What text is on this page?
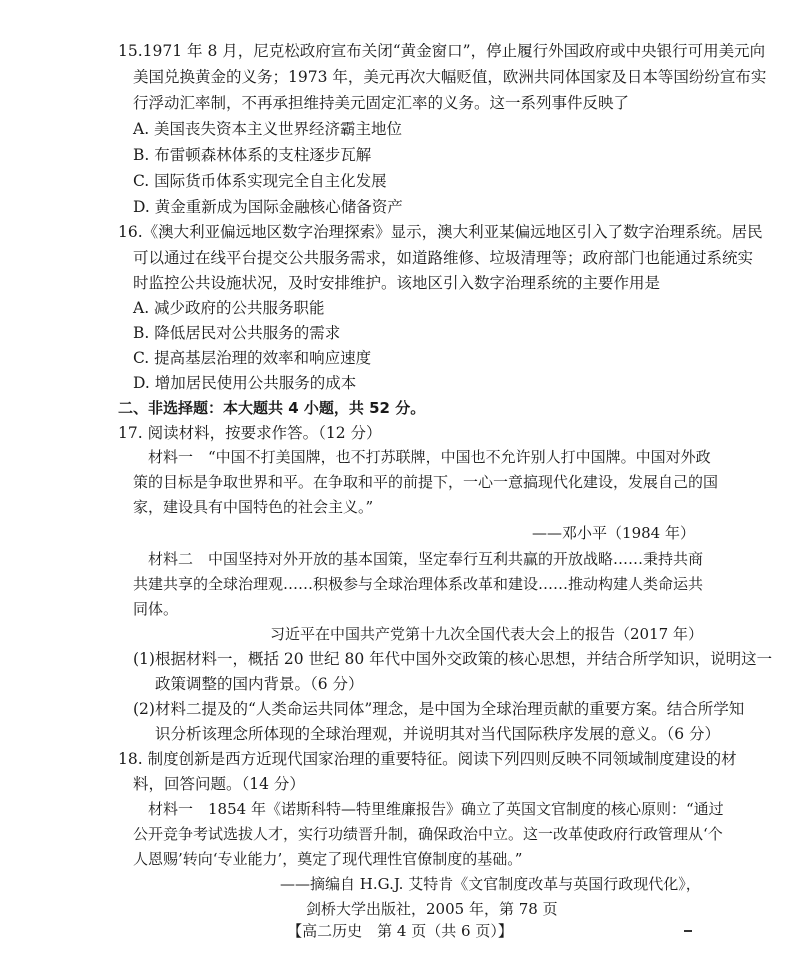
15.1971 年 8 月，尼克松政府宣布关闭“黄金窗口”，停止履行外国政府或中央银行可用美元向
美国兑换黄金的义务；1973 年，美元再次大幅贬值，欧洲共同体国家及日本等国纷纷宣布实
行浮动汇率制，不再承担维持美元固定汇率的义务。这一系列事件反映了
A. 美国丧失资本主义世界经济霸主地位
B. 布雷顿森林体系的支柱逐步瓦解
C. 国际货币体系实现完全自主化发展
D. 黄金重新成为国际金融核心储备资产
16.《澳大利亚偏远地区数字治理探索》显示，澳大利亚某偏远地区引入了数字治理系统。居民
可以通过在线平台提交公共服务需求，如道路维修、垃圾清理等；政府部门也能通过系统实
时监控公共设施状况，及时安排维护。该地区引入数字治理系统的主要作用是
A. 减少政府的公共服务职能
B. 降低居民对公共服务的需求
C. 提高基层治理的效率和响应速度
D. 增加居民使用公共服务的成本
二、非选择题：本大题共 4 小题，共 52 分。
17. 阅读材料，按要求作答。（12 分）
材料一　“中国不打美国牌，也不打苏联牌，中国也不允许别人打中国牌。中国对外政
策的目标是争取世界和平。在争取和平的前提下，一心一意搞现代化建设，发展自己的国
家，建设具有中国特色的社会主义。”
——邓小平（1984 年）
材料二　中国坚持对外开放的基本国策，坚定奉行互利共赢的开放战略……秉持共商
共建共享的全球治理观……积极参与全球治理体系改革和建设……推动构建人类命运共
同体。
习近平在中国共产党第十九次全国代表大会上的报告（2017 年）
(1)根据材料一，概括 20 世纪 80 年代中国外交政策的核心思想，并结合所学知识，说明这一
政策调整的国内背景。（6 分）
(2)材料二提及的“人类命运共同体”理念，是中国为全球治理贡献的重要方案。结合所学知
识分析该理念所体现的全球治理观，并说明其对当代国际秩序发展的意义。（6 分）
18. 制度创新是西方近现代国家治理的重要特征。阅读下列四则反映不同领域制度建设的材
料，回答问题。（14 分）
材料一　1854 年《诺斯科特—特里维廉报告》确立了英国文官制度的核心原则：“通过
公开竞争考试选拔人才，实行功绩晋升制，确保政治中立。这一改革使政府行政管理从‘个
人恩赐’转向‘专业能力’，奠定了现代理性官僚制度的基础。”
——摘编自 H.G.J. 艾特肯《文官制度改革与英国行政现代化》，
剑桥大学出版社，2005 年，第 78 页
【高二历史　第 4 页（共 6 页）】
